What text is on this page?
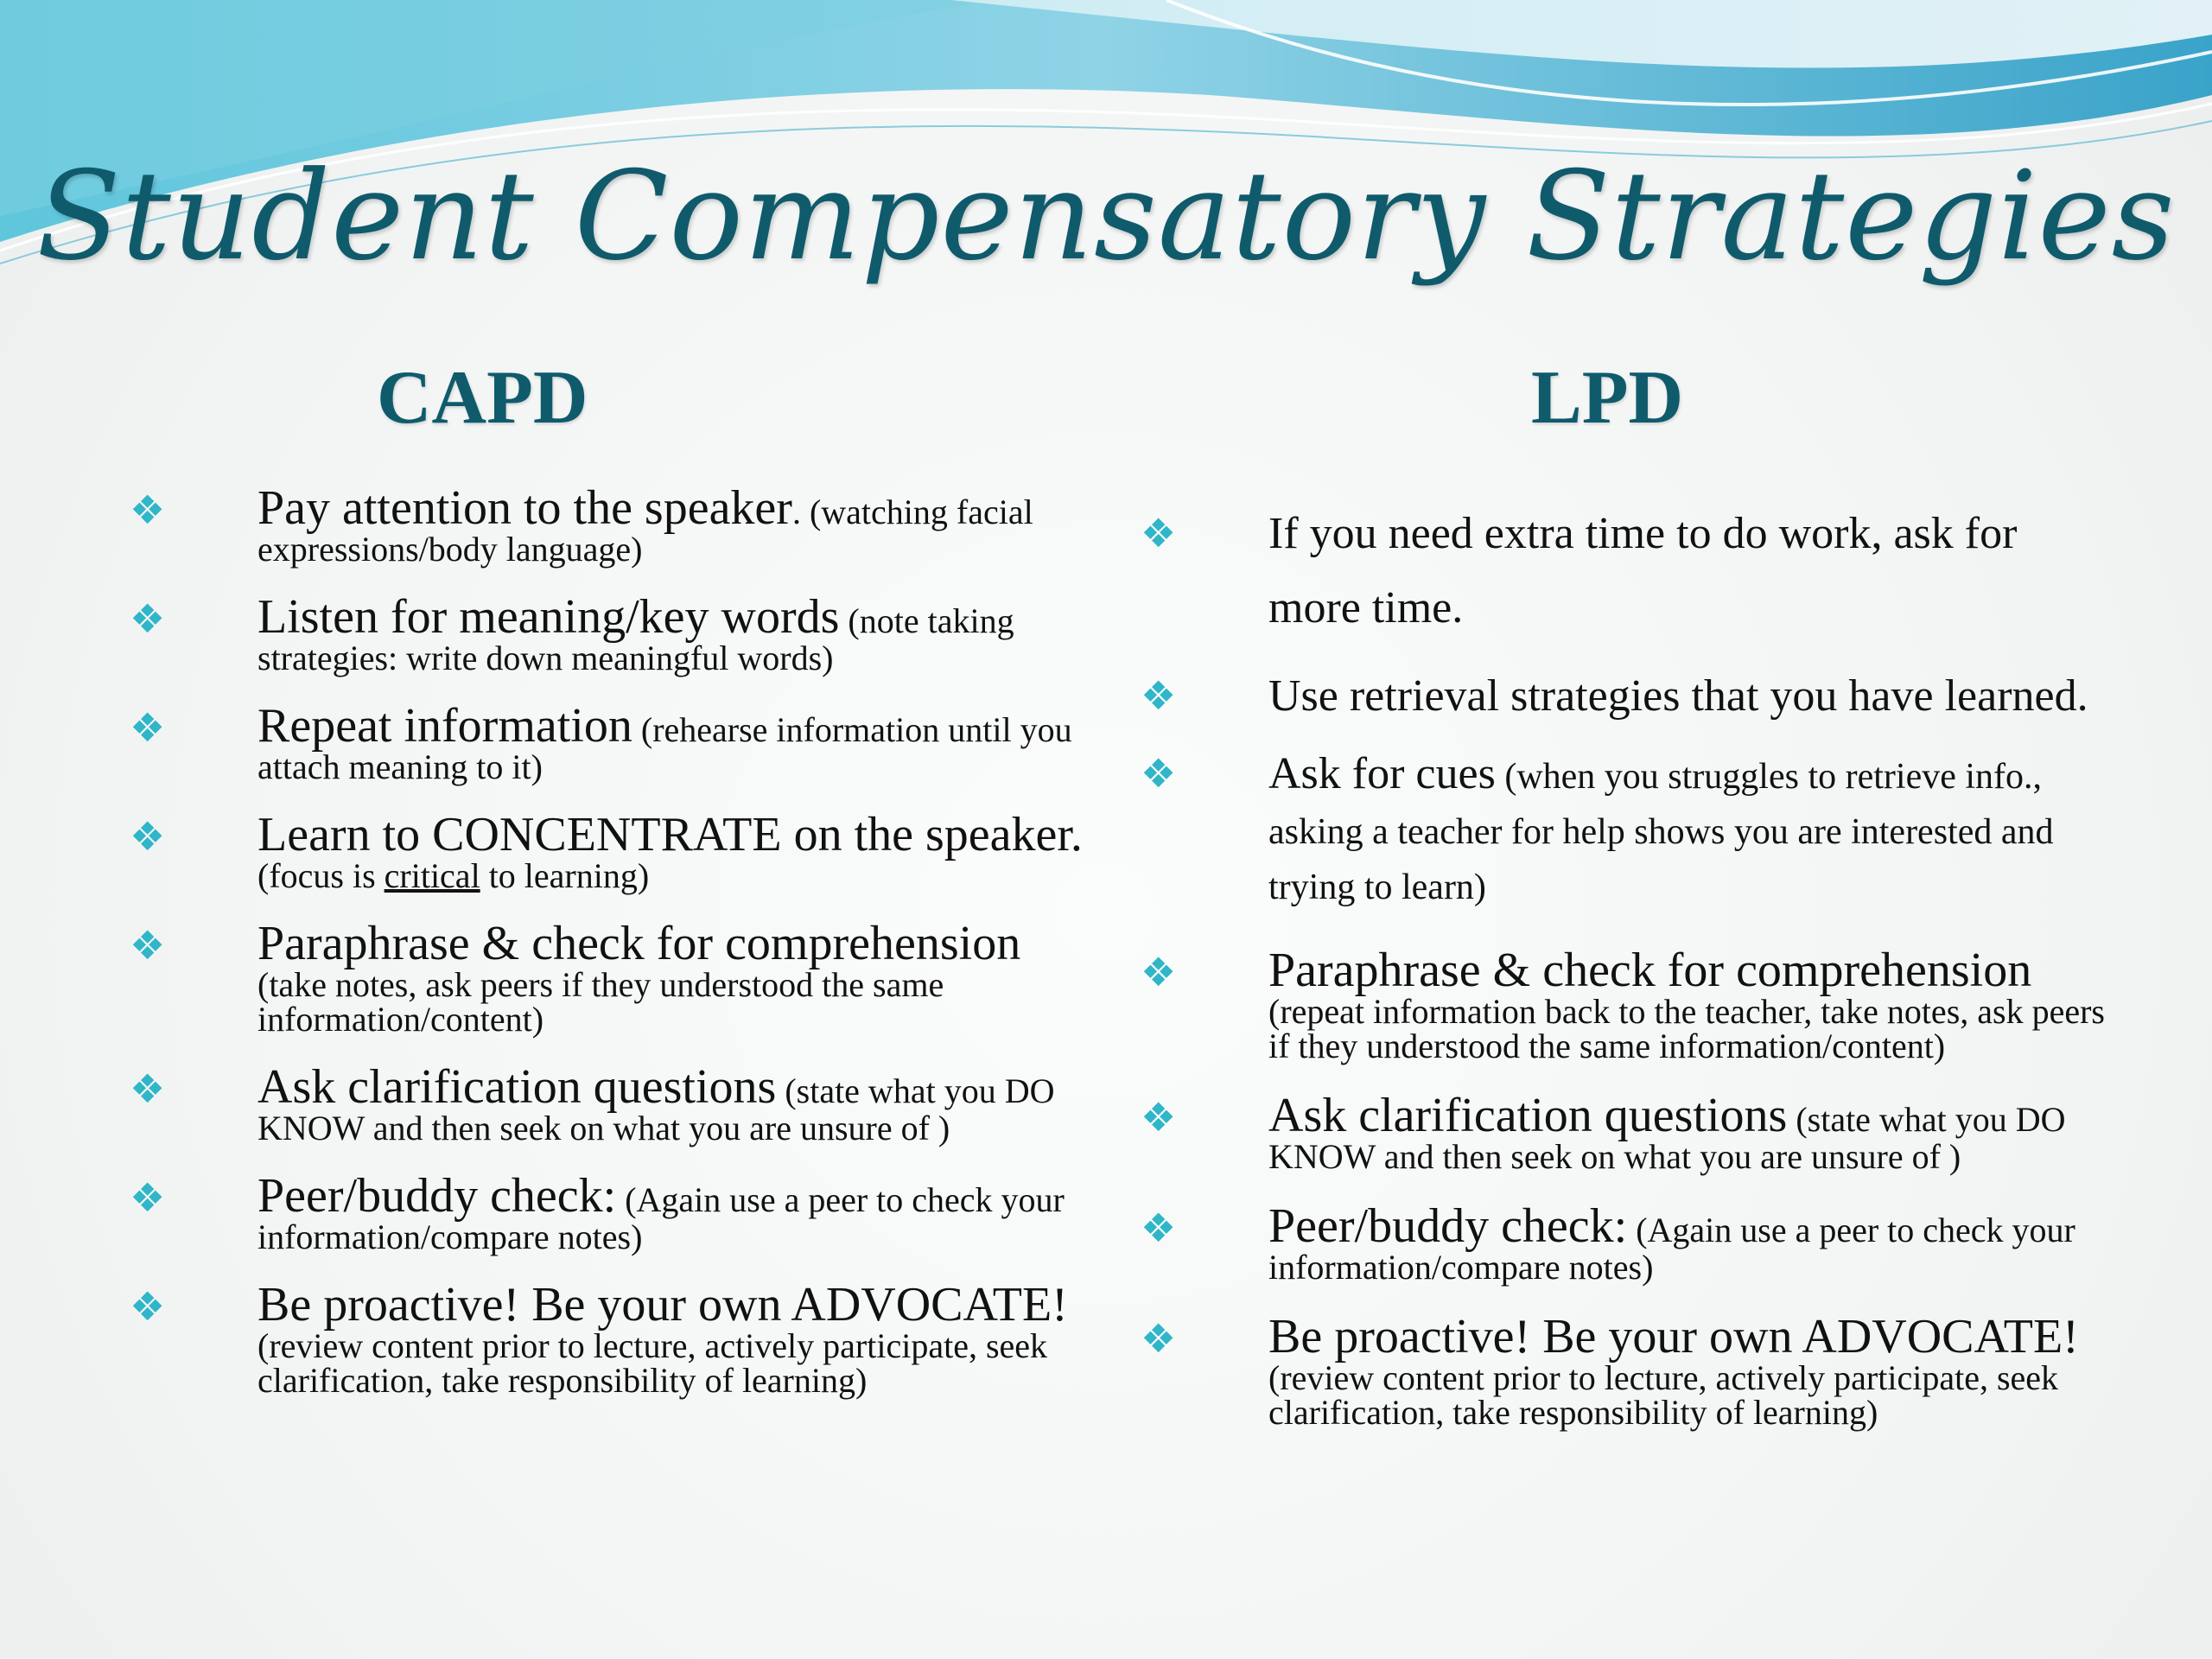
Student Compensatory Strategies
CAPD	LPD
❖ Pay attention to the speaker. (watching facial expressions/body language)
❖ Listen for meaning/key words (note taking strategies: write down meaningful words)
❖ Repeat information (rehearse information until you attach meaning to it)
❖ Learn to CONCENTRATE on the speaker. (focus is critical to learning)
❖ Paraphrase & check for comprehension
(take notes, ask peers if they understood the same information/content)
❖ Ask clarification questions (state what you DO KNOW and then seek on what you are unsure of )
❖ Peer/buddy check: (Again use a peer to check your information/compare notes)
❖ Be proactive! Be your own ADVOCATE!
(review content prior to lecture, actively participate, seek clarification, take responsibility of learning)
❖ If you need extra time to do work, ask for more time.
❖ Use retrieval strategies that you have learned.
❖ Ask for cues (when you struggles to retrieve info., asking a teacher for help shows you are interested and trying to learn)
❖ Paraphrase & check for comprehension
(repeat information back to the teacher, take notes, ask peers if they understood the same information/content)
❖ Ask clarification questions (state what you DO KNOW and then seek on what you are unsure of )
❖ Peer/buddy check: (Again use a peer to check your information/compare notes)
❖ Be proactive! Be your own ADVOCATE!
(review content prior to lecture, actively participate, seek clarification, take responsibility of learning)
